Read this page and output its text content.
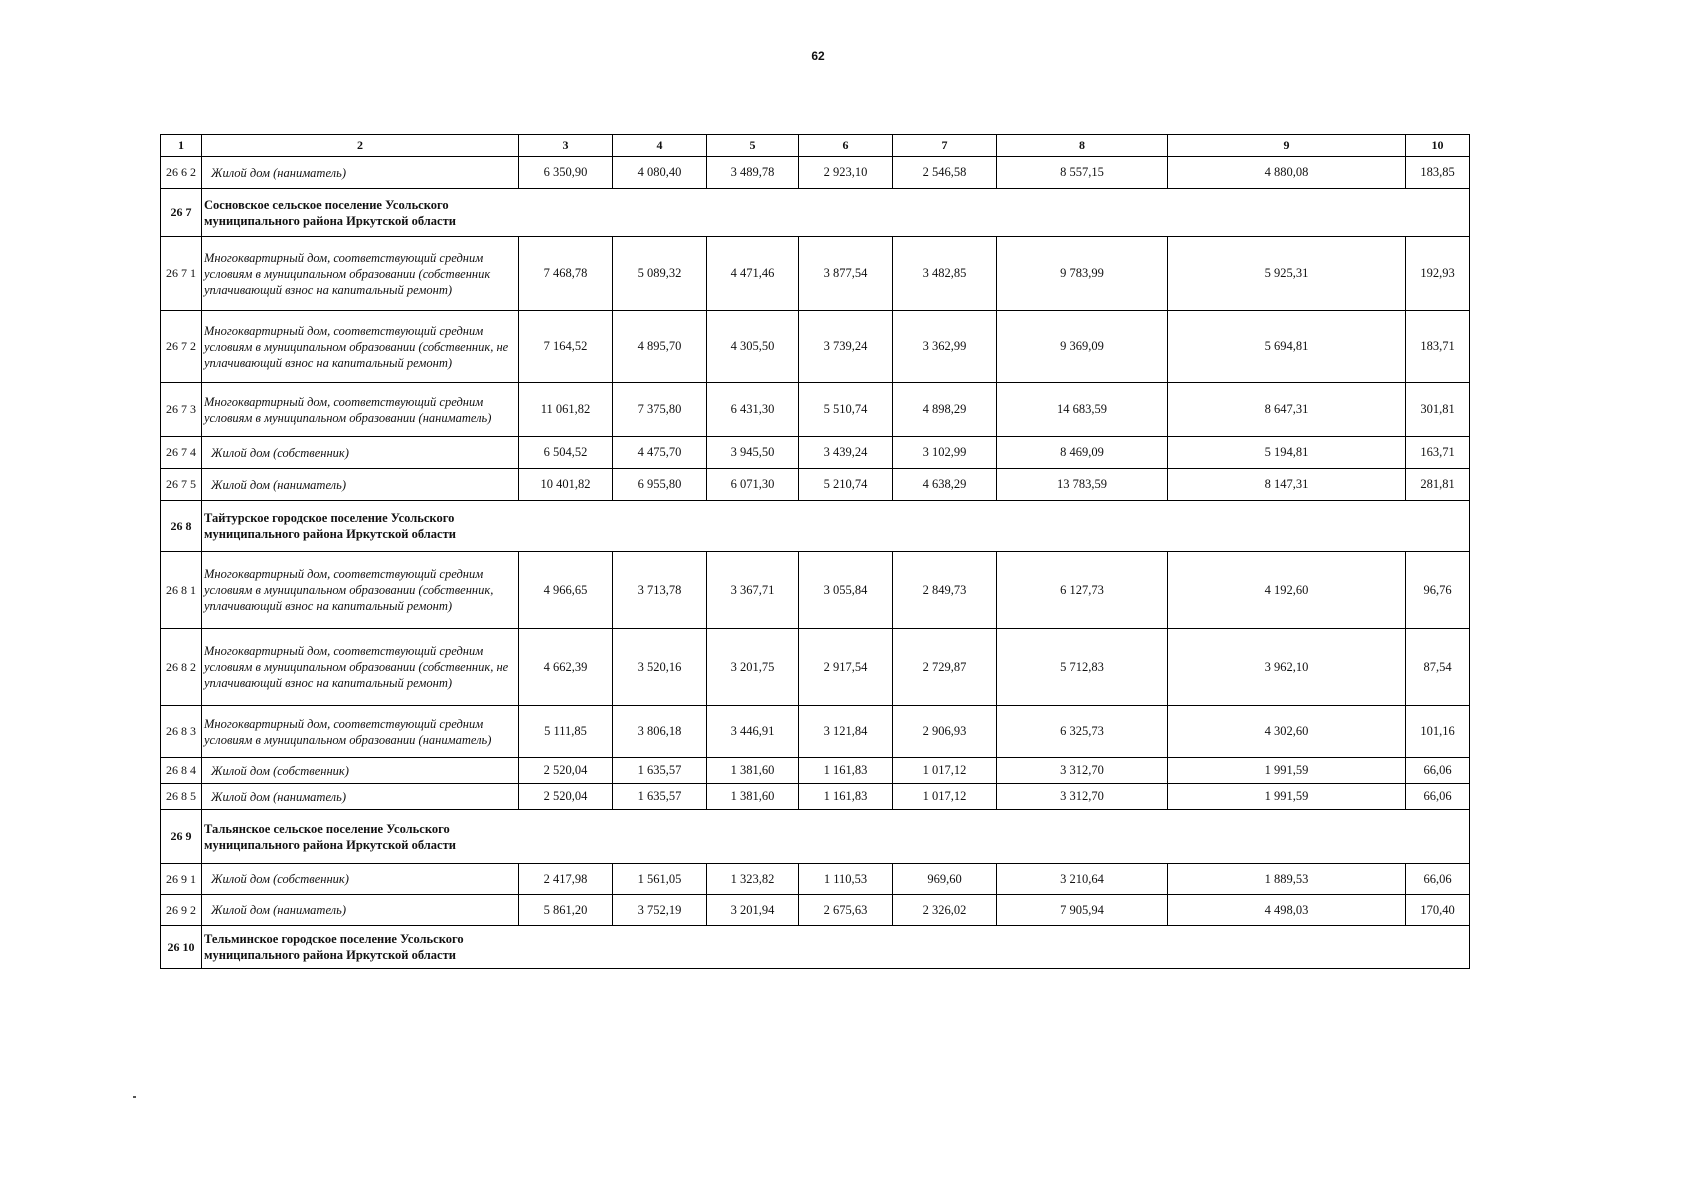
62
1	2	3	4	5	6	7	8	9	10
26 6 2	Жилой дом (наниматель)	6 350,90	4 080,40	3 489,78	2 923,10	2 546,58	8 557,15	4 880,08	183,85
26 7	Сосновское сельское поселение Усольского муниципального района Иркутской области								

26 7 1	Многоквартирный дом, соответствующий средним условиям в муниципальном образовании (собственник уплачивающий взнос на капитальный ремонт)	7 468,78	5 089,32	4 471,46	3 877,54	3 482,85	9 783,99	5 925,31	192,93
26 7 2	Многоквартирный дом, соответствующий средним условиям в муниципальном образовании (собственник, не уплачивающий взнос на капитальный ремонт)	7 164,52	4 895,70	4 305,50	3 739,24	3 362,99	9 369,09	5 694,81	183,71
26 7 3	Многоквартирный дом, соответствующий средним условиям в муниципальном образовании (наниматель)	11 061,82	7 375,80	6 431,30	5 510,74	4 898,29	14 683,59	8 647,31	301,81
26 7 4	Жилой дом (собственник)	6 504,52	4 475,70	3 945,50	3 439,24	3 102,99	8 469,09	5 194,81	163,71
26 7 5	Жилой дом (наниматель)	10 401,82	6 955,80	6 071,30	5 210,74	4 638,29	13 783,59	8 147,31	281,81
26 8	Тайтурское городское поселение Усольского муниципального района Иркутской области								

26 8 1	Многоквартирный дом, соответствующий средним условиям в муниципальном образовании (собственник, уплачивающий взнос на капитальный ремонт)	4 966,65	3 713,78	3 367,71	3 055,84	2 849,73	6 127,73	4 192,60	96,76
26 8 2	Многоквартирный дом, соответствующий средним условиям в муниципальном образовании (собственник, не уплачивающий взнос на капитальный ремонт)	4 662,39	3 520,16	3 201,75	2 917,54	2 729,87	5 712,83	3 962,10	87,54
26 8 3	Многоквартирный дом, соответствующий средним условиям в муниципальном образовании (наниматель)	5 111,85	3 806,18	3 446,91	3 121,84	2 906,93	6 325,73	4 302,60	101,16
26 8 4	Жилой дом (собственник)	2 520,04	1 635,57	1 381,60	1 161,83	1 017,12	3 312,70	1 991,59	66,06
26 8 5	Жилой дом (наниматель)	2 520,04	1 635,57	1 381,60	1 161,83	1 017,12	3 312,70	1 991,59	66,06
26 9	Тальянское сельское поселение Усольского муниципального района Иркутской области								

26 9 1	Жилой дом (собственник)	2 417,98	1 561,05	1 323,82	1 110,53	969,60	3 210,64	1 889,53	66,06
26 9 2	Жилой дом (наниматель)	5 861,20	3 752,19	3 201,94	2 675,63	2 326,02	7 905,94	4 498,03	170,40
26 10	Тельминское городское поселение Усольского муниципального района Иркутской области								
